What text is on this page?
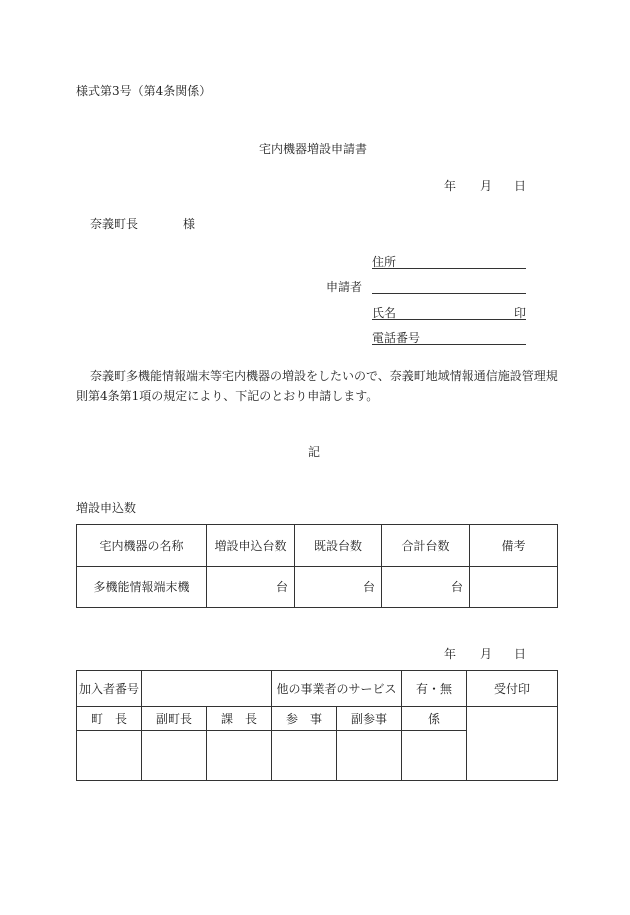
様式第3号（第4条関係）
宅内機器増設申請書
年 月 日
奈義町長	様
住所
申請者
氏名	印
電話番号
奈義町多機能情報端末等宅内機器の増設をしたいので、奈義町地域情報通信施設管理規
則第4条第1項の規定により、下記のとおり申請します。
記
増設申込数
宅内機器の名称	増設申込台数	既設台数	合計台数	備考
多機能情報端末機	台	台	台	
年 月 日
加入者番号			他の事業者のサービス		有・無	受付印
町　長	副町長	課　長	参　事	副参事	係	
